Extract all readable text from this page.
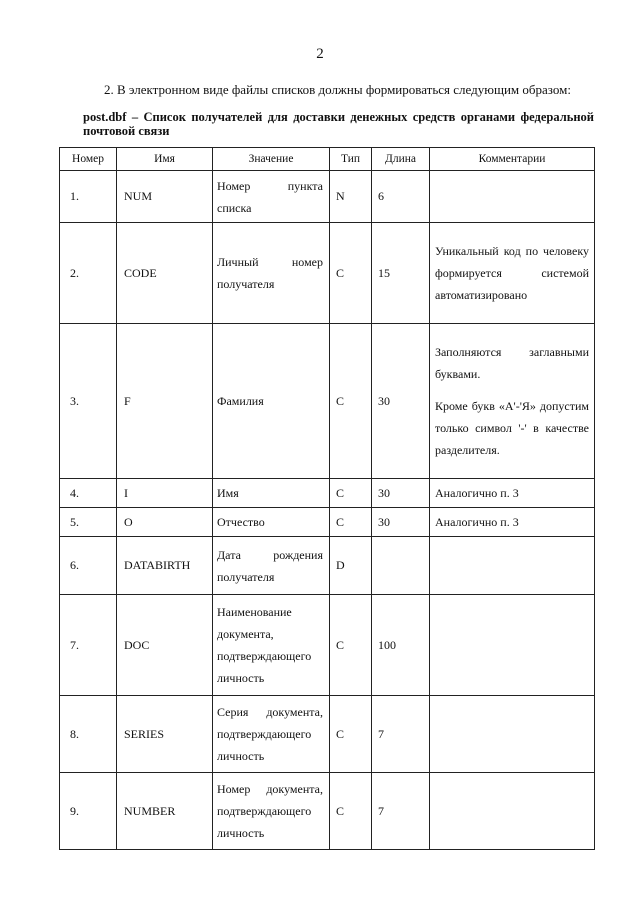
2
2. В электронном виде файлы списков должны формироваться следующим образом:
post.dbf – Список получателей для доставки денежных средств органами федеральной почтовой связи
Номер	Имя	Значение	Тип	Длина	Комментарии
1.	NUM	Номер пункта списка	N	6	
2.	CODE	Личный номер получателя	C	15	Уникальный код по человеку формируется системой автоматизировано
3.	F	Фамилия	C	30	Заполняются заглавными буквами.

Кроме букв «А'-'Я» допустим только символ '-' в качестве разделителя.

4.	I	Имя	C	30	Аналогично п. 3
5.	O	Отчество	C	30	Аналогично п. 3
6.	DATABIRTH	Дата рождения получателя	D		
7.	DOC	Наименование документа, подтверждающего личность	C	100	
8.	SERIES	Серия документа, подтверждающего личность	C	7	
9.	NUMBER	Номер документа, подтверждающего личность	C	7	
